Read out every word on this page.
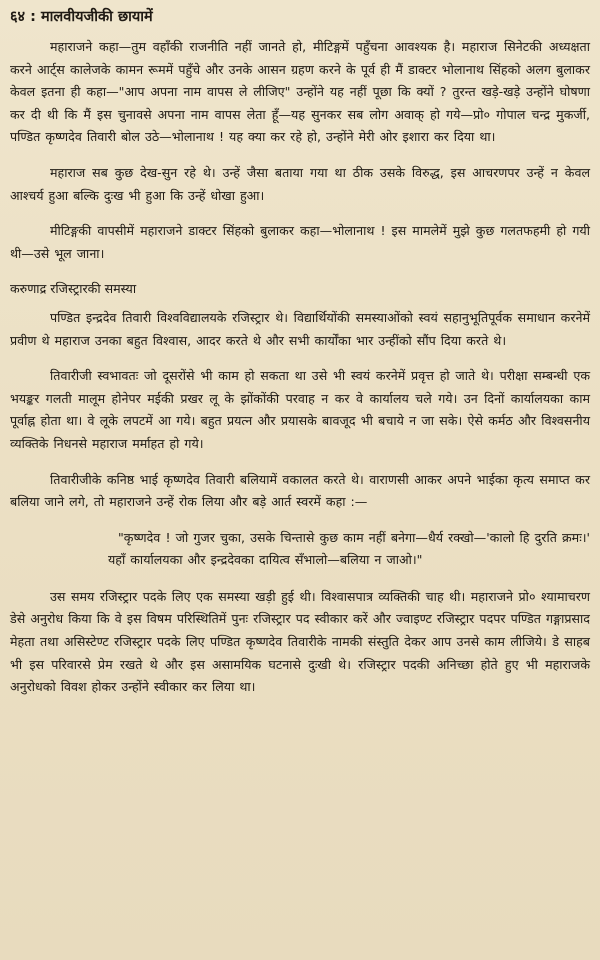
६४ : मालवीयजीकी छायामें

महाराजने कहा—तुम वहाँकी राजनीति नहीं जानते हो, मीटिङ्गमें पहुँचना आवश्यक है। महाराज सिनेटकी अध्यक्षता करने आर्ट्स कालेजके कामन रूममें पहुँचे और उनके आसन ग्रहण करने के पूर्व ही मैं डाक्टर भोलानाथ सिंहको अलग बुलाकर केवल इतना ही कहा—"आप अपना नाम वापस ले लीजिए" उन्होंने यह नहीं पूछा कि क्यों ? तुरन्त खड़े-खड़े उन्होंने घोषणा कर दी थी कि मैं इस चुनावसे अपना नाम वापस लेता हूँ—यह सुनकर सब लोग अवाक् हो गये—प्रो० गोपाल चन्द्र मुकर्जी, पण्डित कृष्णदेव तिवारी बोल उठे—भोलानाथ ! यह क्या कर रहे हो, उन्होंने मेरी ओर इशारा कर दिया था।

महाराज सब कुछ देख-सुन रहे थे। उन्हें जैसा बताया गया था ठीक उसके विरुद्ध, इस आचरणपर उन्हें न केवल आश्चर्य हुआ बल्कि दुःख भी हुआ कि उन्हें धोखा हुआ।

मीटिङ्गकी वापसीमें महाराजने डाक्टर सिंहको बुलाकर कहा—भोलानाथ ! इस मामलेमें मुझे कुछ गलतफहमी हो गयी थी—उसे भूल जाना।

करुणाद्र रजिस्ट्रारकी समस्या

पण्डित इन्द्रदेव तिवारी विश्वविद्यालयके रजिस्ट्रार थे। विद्यार्थियोंकी समस्याओंको स्वयं सहानुभूतिपूर्वक समाधान करनेमें प्रवीण थे महाराज उनका बहुत विश्वास, आदर करते थे और सभी कार्योंका भार उन्हींको सौंप दिया करते थे।

तिवारीजी स्वभावतः जो दूसरोंसे भी काम हो सकता था उसे भी स्वयं करनेमें प्रवृत्त हो जाते थे। परीक्षा सम्बन्धी एक भयङ्कर गलती मालूम होनेपर मईकी प्रखर लू के झोंकोंकी परवाह न कर वे कार्यालय चले गये। उन दिनों कार्यालयका काम पूर्वाह्न होता था। वे लूके लपटमें आ गये। बहुत प्रयत्न और प्रयासके बावजूद भी बचाये न जा सके। ऐसे कर्मठ और विश्वसनीय व्यक्तिके निधनसे महाराज मर्माहत हो गये।

तिवारीजीके कनिष्ठ भाई कृष्णदेव तिवारी बलियामें वकालत करते थे। वाराणसी आकर अपने भाईका कृत्य समाप्त कर बलिया जाने लगे, तो महाराजने उन्हें रोक लिया और बड़े आर्त स्वरमें कहा :—

"कृष्णदेव ! जो गुजर चुका, उसके चिन्तासे कुछ काम नहीं बनेगा—धैर्य रक्खो—'कालो हि दुरति क्रमः।' यहाँ कार्यालयका और इन्द्रदेवका दायित्व सँभालो—बलिया न जाओ।"

उस समय रजिस्ट्रार पदके लिए एक समस्या खड़ी हुई थी। विश्वासपात्र व्यक्तिकी चाह थी। महाराजने प्रो० श्यामाचरण डेसे अनुरोध किया कि वे इस विषम परिस्थितिमें पुनः रजिस्ट्रार पद स्वीकार करें और ज्वाइण्ट रजिस्ट्रार पदपर पण्डित गङ्गाप्रसाद मेहता तथा असिस्टेण्ट रजिस्ट्रार पदके लिए पण्डित कृष्णदेव तिवारीके नामकी संस्तुति देकर आप उनसे काम लीजिये। डे साहब भी इस परिवारसे प्रेम रखते थे और इस असामयिक घटनासे दुःखी थे। रजिस्ट्रार पदकी अनिच्छा होते हुए भी महाराजके अनुरोधको विवश होकर उन्होंने स्वीकार कर लिया था।
